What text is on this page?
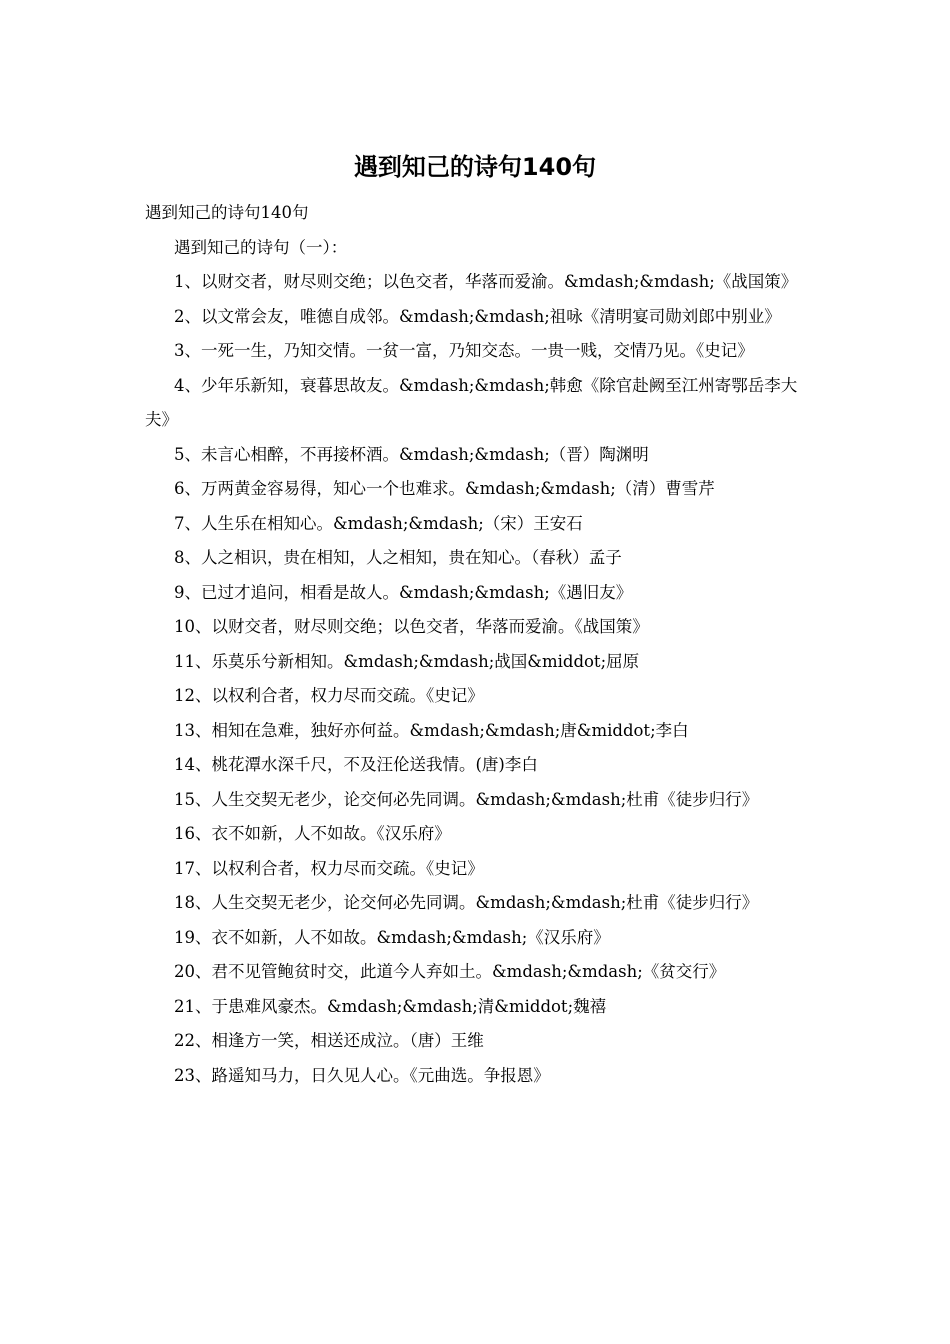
遇到知己的诗句140句

遇到知己的诗句140句

遇到知己的诗句（一）：

1、以财交者，财尽则交绝；以色交者，华落而爱渝。&mdash;&mdash;《战国策》

2、以文常会友，唯德自成邻。&mdash;&mdash;祖咏《清明宴司勋刘郎中别业》

3、一死一生，乃知交情。一贫一富，乃知交态。一贵一贱，交情乃见。《史记》

4、少年乐新知，衰暮思故友。&mdash;&mdash;韩愈《除官赴阙至江州寄鄂岳李大夫》

5、未言心相醉，不再接杯酒。&mdash;&mdash;（晋）陶渊明

6、万两黄金容易得，知心一个也难求。&mdash;&mdash;（清）曹雪芹

7、人生乐在相知心。&mdash;&mdash;（宋）王安石

8、人之相识，贵在相知，人之相知，贵在知心。（春秋）孟子

9、已过才追问，相看是故人。&mdash;&mdash;《遇旧友》

10、以财交者，财尽则交绝；以色交者，华落而爱渝。《战国策》

11、乐莫乐兮新相知。&mdash;&mdash;战国&middot;屈原

12、以权利合者，权力尽而交疏。《史记》

13、相知在急难，独好亦何益。&mdash;&mdash;唐&middot;李白

14、桃花潭水深千尺，不及汪伦送我情。(唐)李白

15、人生交契无老少，论交何必先同调。&mdash;&mdash;杜甫《徒步归行》

16、衣不如新，人不如故。《汉乐府》

17、以权利合者，权力尽而交疏。《史记》

18、人生交契无老少，论交何必先同调。&mdash;&mdash;杜甫《徒步归行》

19、衣不如新，人不如故。&mdash;&mdash;《汉乐府》

20、君不见管鲍贫时交，此道今人弃如土。&mdash;&mdash;《贫交行》

21、于患难风豪杰。&mdash;&mdash;清&middot;魏禧

22、相逢方一笑，相送还成泣。（唐）王维

23、路遥知马力，日久见人心。《元曲选。争报恩》
